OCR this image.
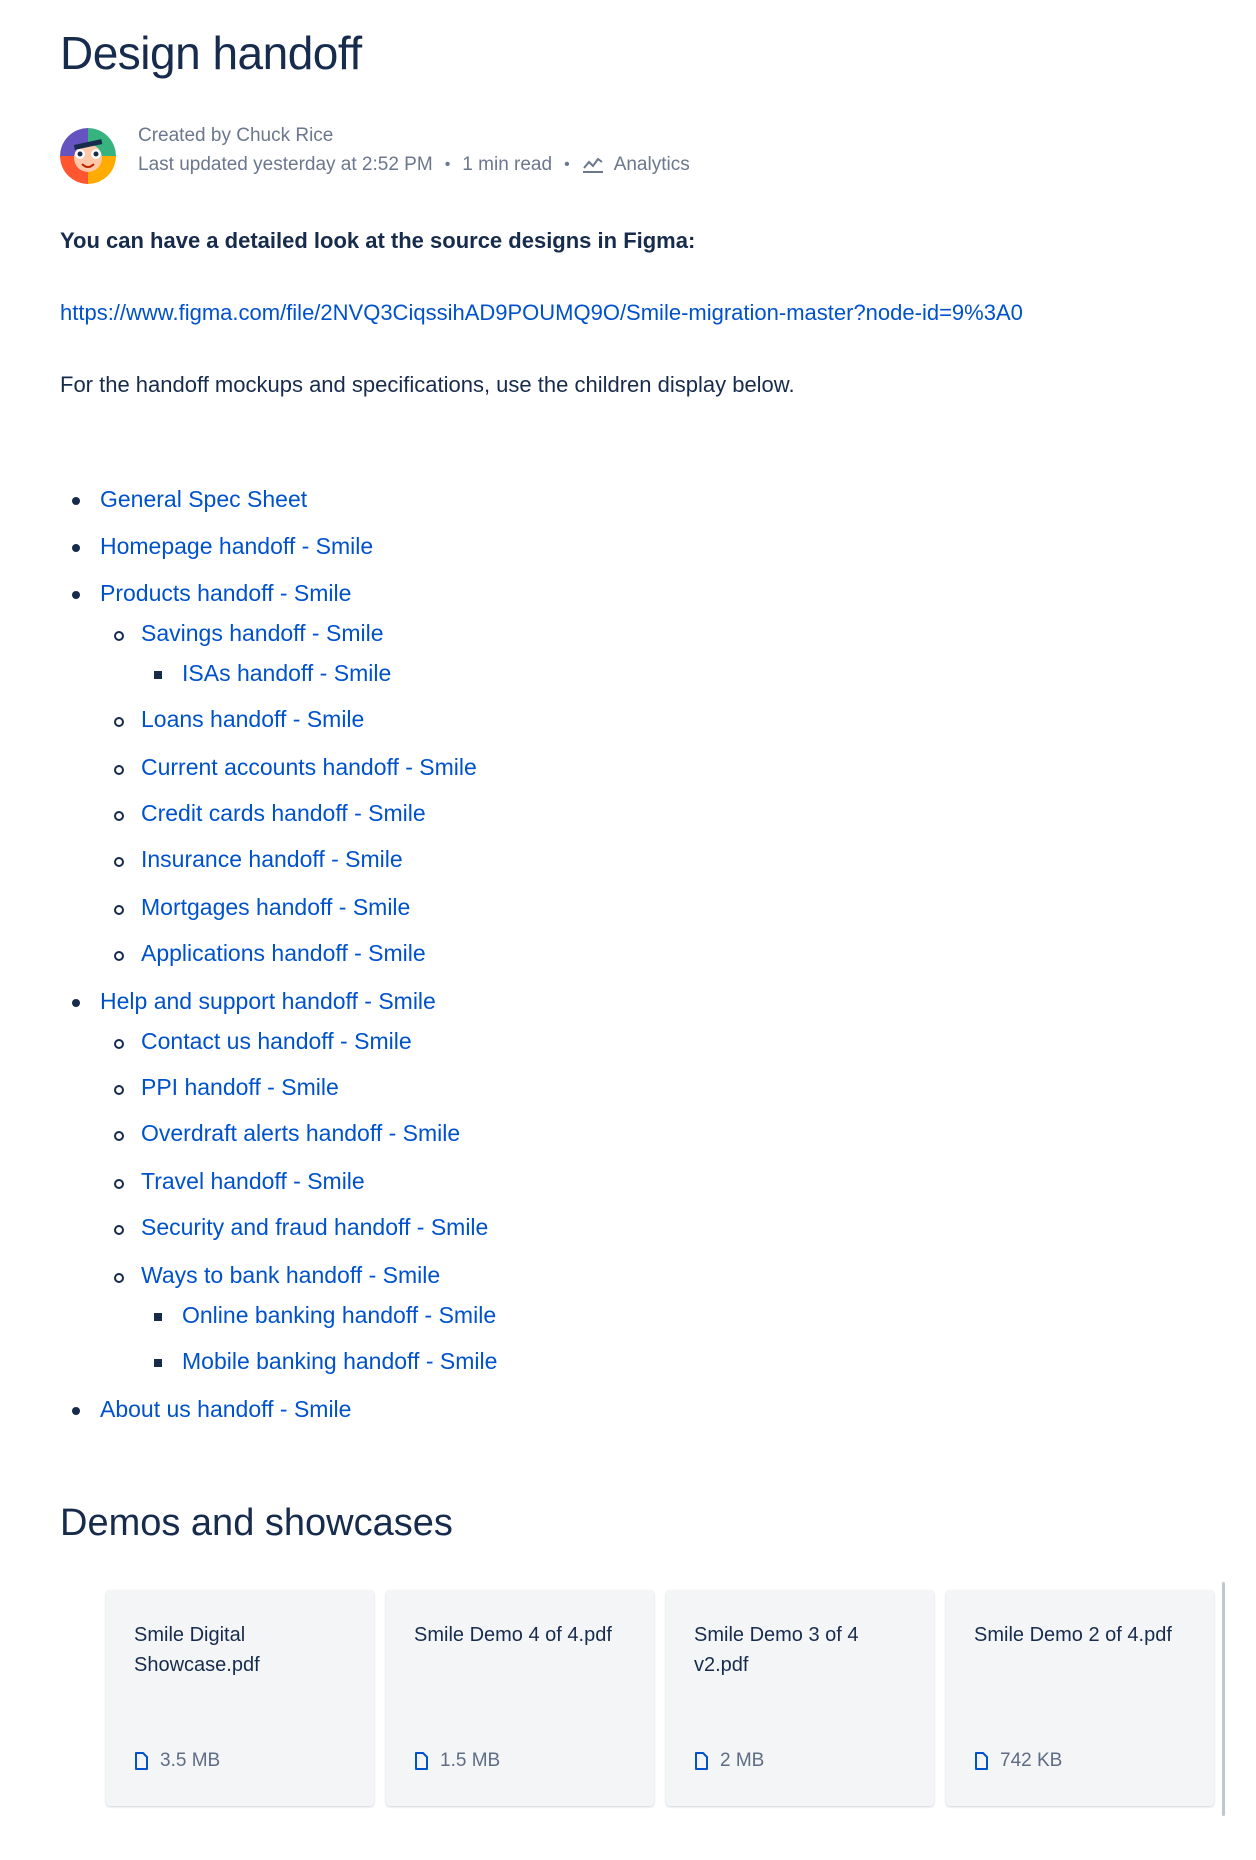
Design handoff
Created by Chuck Rice
Last updated yesterday at 2:52 PM • 1 min read • Analytics
You can have a detailed look at the source designs in Figma:
https://www.figma.com/file/2NVQ3CiqssihAD9POUMQ9O/Smile-migration-master?node-id=9%3A0
For the handoff mockups and specifications, use the children display below.
General Spec Sheet
Homepage handoff - Smile
Products handoff - Smile
Savings handoff - Smile
ISAs handoff - Smile
Loans handoff - Smile
Current accounts handoff - Smile
Credit cards handoff - Smile
Insurance handoff - Smile
Mortgages handoff - Smile
Applications handoff - Smile
Help and support handoff - Smile
Contact us handoff - Smile
PPI handoff - Smile
Overdraft alerts handoff - Smile
Travel handoff - Smile
Security and fraud handoff - Smile
Ways to bank handoff - Smile
Online banking handoff - Smile
Mobile banking handoff - Smile
About us handoff - Smile
Demos and showcases
Smile Digital Showcase.pdf
3.5 MB
Smile Demo 4 of 4.pdf
1.5 MB
Smile Demo 3 of 4 v2.pdf
2 MB
Smile Demo 2 of 4.pdf
742 KB
